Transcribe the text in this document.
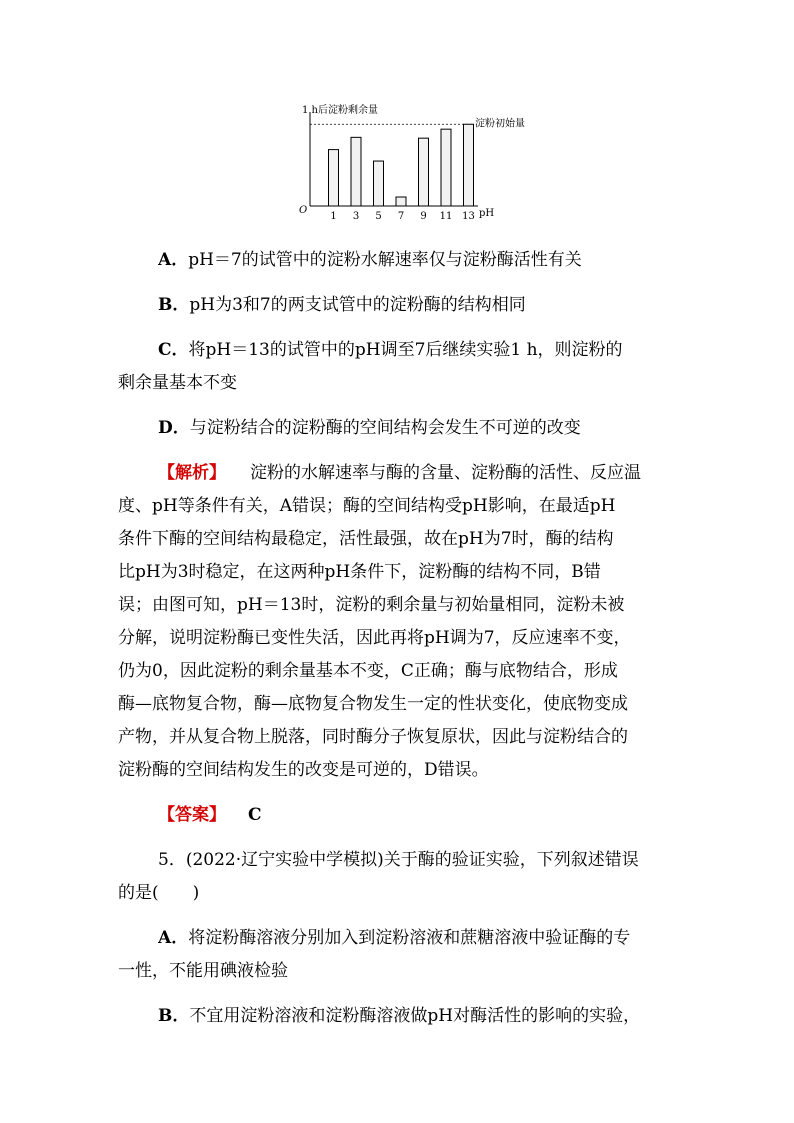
1 h后淀粉剩余量
O	pH
淀粉初始量
1 3 5 7 9 11 13
A．pH＝7的试管中的淀粉水解速率仅与淀粉酶活性有关
B．pH为3和7的两支试管中的淀粉酶的结构相同
C．将pH＝13的试管中的pH调至7后继续实验1 h，则淀粉的
剩余量基本不变
D．与淀粉结合的淀粉酶的空间结构会发生不可逆的改变
【解析】 淀粉的水解速率与酶的含量、淀粉酶的活性、反应温
度、pH等条件有关，A错误；酶的空间结构受pH影响，在最适pH
条件下酶的空间结构最稳定，活性最强，故在pH为7时，酶的结构
比pH为3时稳定，在这两种pH条件下，淀粉酶的结构不同，B错
误；由图可知，pH＝13时，淀粉的剩余量与初始量相同，淀粉未被
分解，说明淀粉酶已变性失活，因此再将pH调为7，反应速率不变，
仍为0，因此淀粉的剩余量基本不变，C正确；酶与底物结合，形成
酶—底物复合物，酶—底物复合物发生一定的性状变化，使底物变成
产物，并从复合物上脱落，同时酶分子恢复原状，因此与淀粉结合的
淀粉酶的空间结构发生的改变是可逆的，D错误。
【答案】 C
5．(2022·辽宁实验中学模拟)关于酶的验证实验，下列叙述错误
的是(　　)
A．将淀粉酶溶液分别加入到淀粉溶液和蔗糖溶液中验证酶的专
一性，不能用碘液检验
B．不宜用淀粉溶液和淀粉酶溶液做pH对酶活性的影响的实验，
